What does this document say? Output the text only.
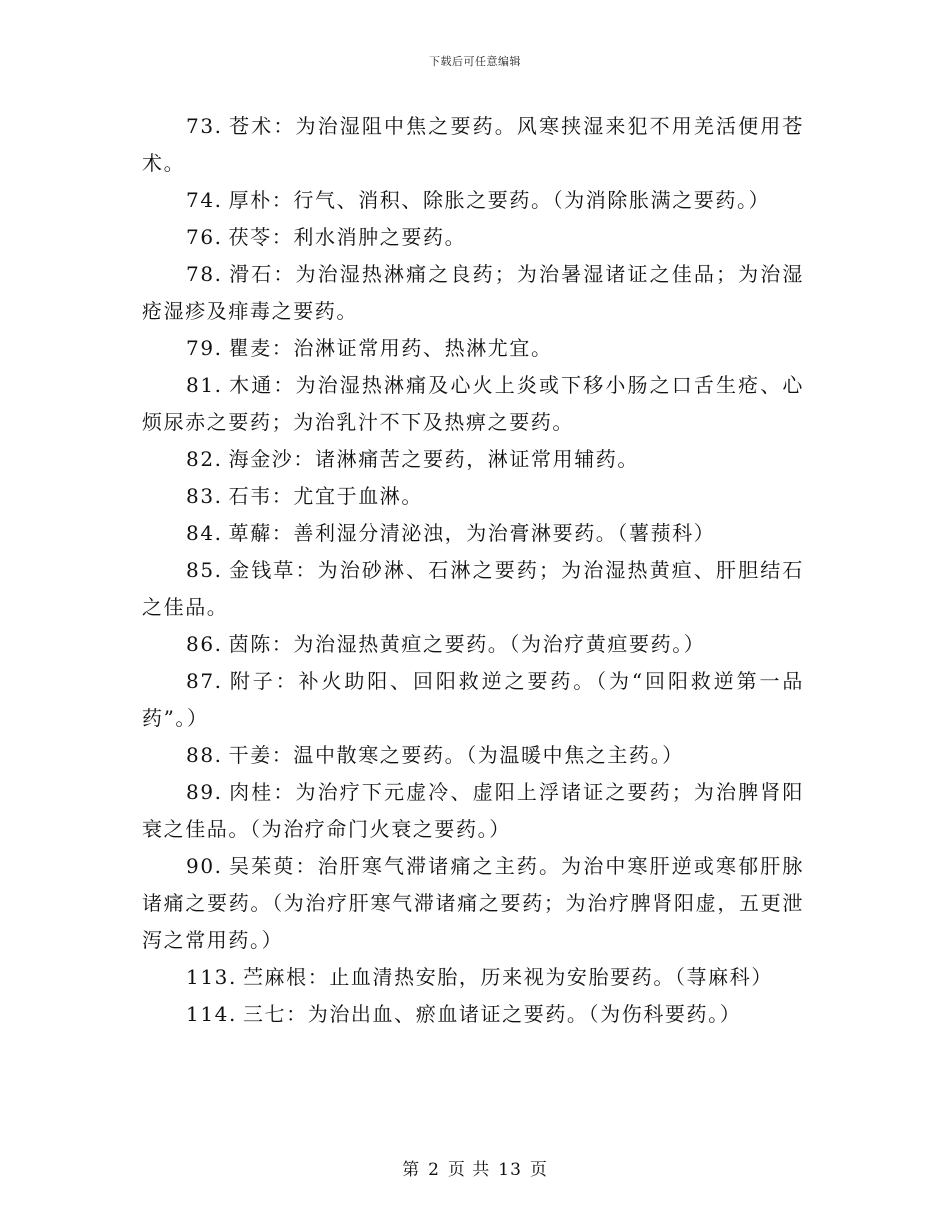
下载后可任意编辑

73. 苍术：为治湿阻中焦之要药。风寒挟湿来犯不用羌活便用苍术。

74. 厚朴：行气、消积、除胀之要药。（为消除胀满之要药。）

76. 茯苓：利水消肿之要药。

78. 滑石：为治湿热淋痛之良药；为治暑湿诸证之佳品；为治湿疮湿疹及痱毒之要药。

79. 瞿麦：治淋证常用药、热淋尤宜。

81. 木通：为治湿热淋痛及心火上炎或下移小肠之口舌生疮、心烦尿赤之要药；为治乳汁不下及热痹之要药。

82. 海金沙：诸淋痛苦之要药，淋证常用辅药。

83. 石韦：尤宜于血淋。

84. 萆薢：善利湿分清泌浊，为治膏淋要药。（薯蓣科）

85. 金钱草：为治砂淋、石淋之要药；为治湿热黄疸、肝胆结石之佳品。

86. 茵陈：为治湿热黄疸之要药。（为治疗黄疸要药。）

87. 附子：补火助阳、回阳救逆之要药。（为“回阳救逆第一品药”。）

88. 干姜：温中散寒之要药。（为温暖中焦之主药。）

89. 肉桂：为治疗下元虚冷、虚阳上浮诸证之要药；为治脾肾阳衰之佳品。（为治疗命门火衰之要药。）

90. 吴茱萸：治肝寒气滞诸痛之主药。为治中寒肝逆或寒郁肝脉诸痛之要药。（为治疗肝寒气滞诸痛之要药；为治疗脾肾阳虚，五更泄泻之常用药。）

113. 苎麻根：止血清热安胎，历来视为安胎要药。（荨麻科）

114. 三七：为治出血、瘀血诸证之要药。（为伤科要药。）

第 2 页 共 13 页
